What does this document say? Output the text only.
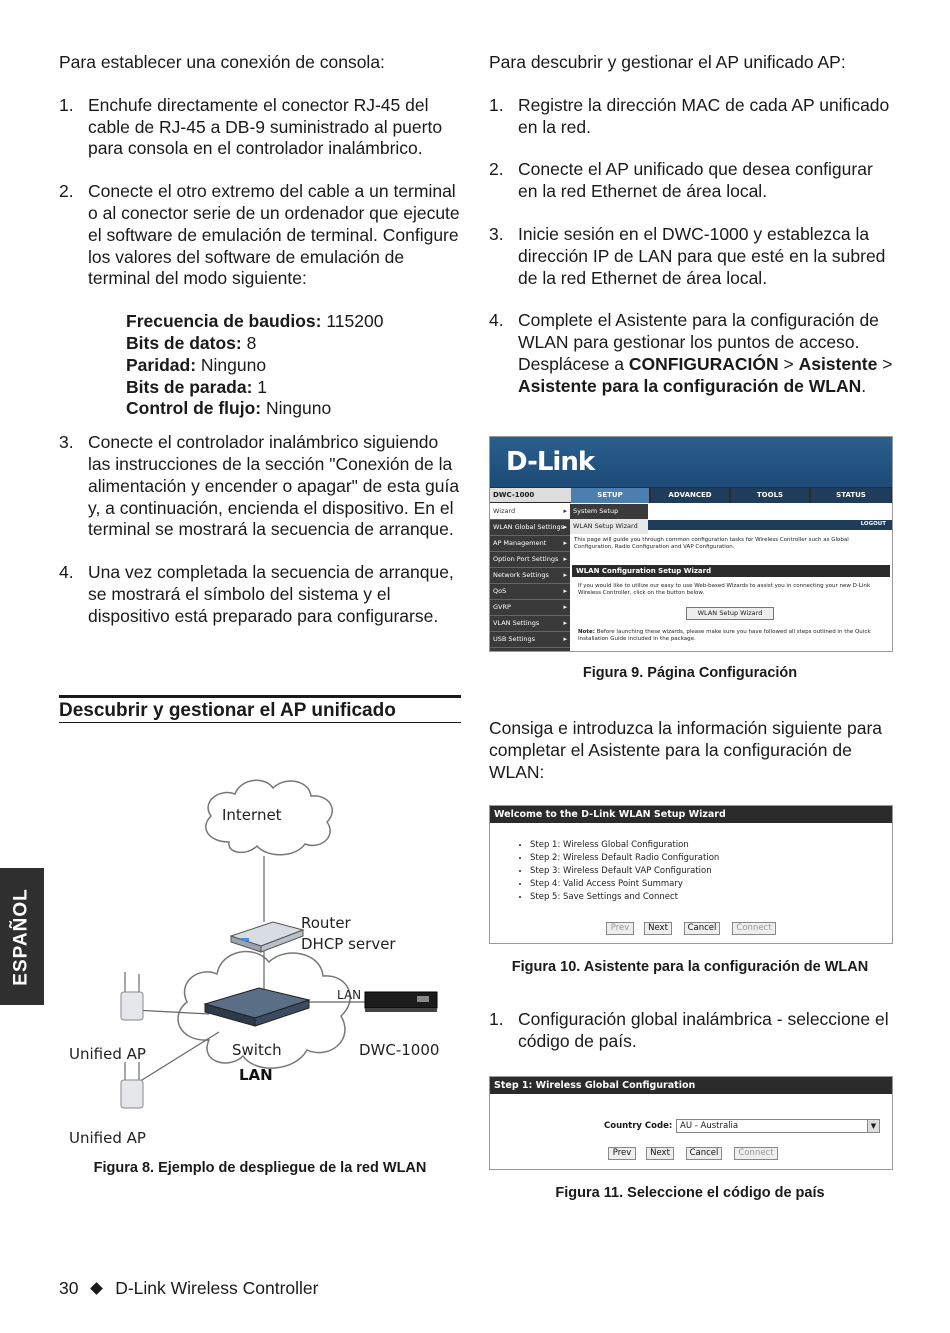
ESPAÑOL
Para establecer una conexión de consola:
1. Enchufe directamente el conector RJ-45 del cable de RJ-45 a DB-9 suministrado al puerto para consola en el controlador inalámbrico.
2. Conecte el otro extremo del cable a un terminal o al conector serie de un ordenador que ejecute el software de emulación de terminal. Configure los valores del software de emulación de terminal del modo siguiente:
Frecuencia de baudios: 115200
Bits de datos: 8
Paridad: Ninguno
Bits de parada: 1
Control de flujo: Ninguno
3. Conecte el controlador inalámbrico siguiendo las instrucciones de la sección "Conexión de la alimentación y encender o apagar" de esta guía y, a continuación, encienda el dispositivo. En el terminal se mostrará la secuencia de arranque.
4. Una vez completada la secuencia de arranque, se mostrará el símbolo del sistema y el dispositivo está preparado para configurarse.
Descubrir y gestionar el AP unificado
Internet
Router
DHCP server
LAN
Unified AP	Switch
LAN
DWC-1000
Unified AP
Figura 8. Ejemplo de despliegue de la red WLAN
Para descubrir y gestionar el AP unificado AP:
1. Registre la dirección MAC de cada AP unificado en la red.
2. Conecte el AP unificado que desea configurar en la red Ethernet de área local.
3. Inicie sesión en el DWC-1000 y establezca la dirección IP de LAN para que esté en la subred de la red Ethernet de área local.
4. Complete el Asistente para la configuración de WLAN para gestionar los puntos de acceso. Desplácese a CONFIGURACIÓN > Asistente > Asistente para la configuración de WLAN.
D-Link
DWC-1000	SETUP	ADVANCED	TOOLS	STATUS
Wizard ▸
WLAN Global Settings ▸
AP Management ▸
Option Port Settings ▸
Network Settings ▸
QoS ▸
GVRP ▸
VLAN Settings ▸
USB Settings ▸
System Setup
WLAN Setup Wizard	LOGOUT
This page will guide you through common configuration tasks for Wireless Controller such as Global Configuration, Radio Configuration and VAP Configuration.
WLAN Configuration Setup Wizard
If you would like to utilize our easy to use Web-based Wizards to assist you in connecting your new D-Link Wireless Controller, click on the button below.
WLAN Setup Wizard
Note: Before launching these wizards, please make sure you have followed all steps outlined in the Quick Installation Guide included in the package.
Figura 9. Página Configuración
Consiga e introduzca la información siguiente para completar el Asistente para la configuración de WLAN:
Welcome to the D-Link WLAN Setup Wizard
• Step 1: Wireless Global Configuration
• Step 2: Wireless Default Radio Configuration
• Step 3: Wireless Default VAP Configuration
• Step 4: Valid Access Point Summary
• Step 5: Save Settings and Connect
Prev	Next	Cancel	Connect
Figura 10. Asistente para la configuración de WLAN
1. Configuración global inalámbrica - seleccione el código de país.
Step 1: Wireless Global Configuration
Country Code: AU - Australia	▼
Prev	Next	Cancel	Connect
Figura 11. Seleccione el código de país
30 D-Link Wireless Controller
